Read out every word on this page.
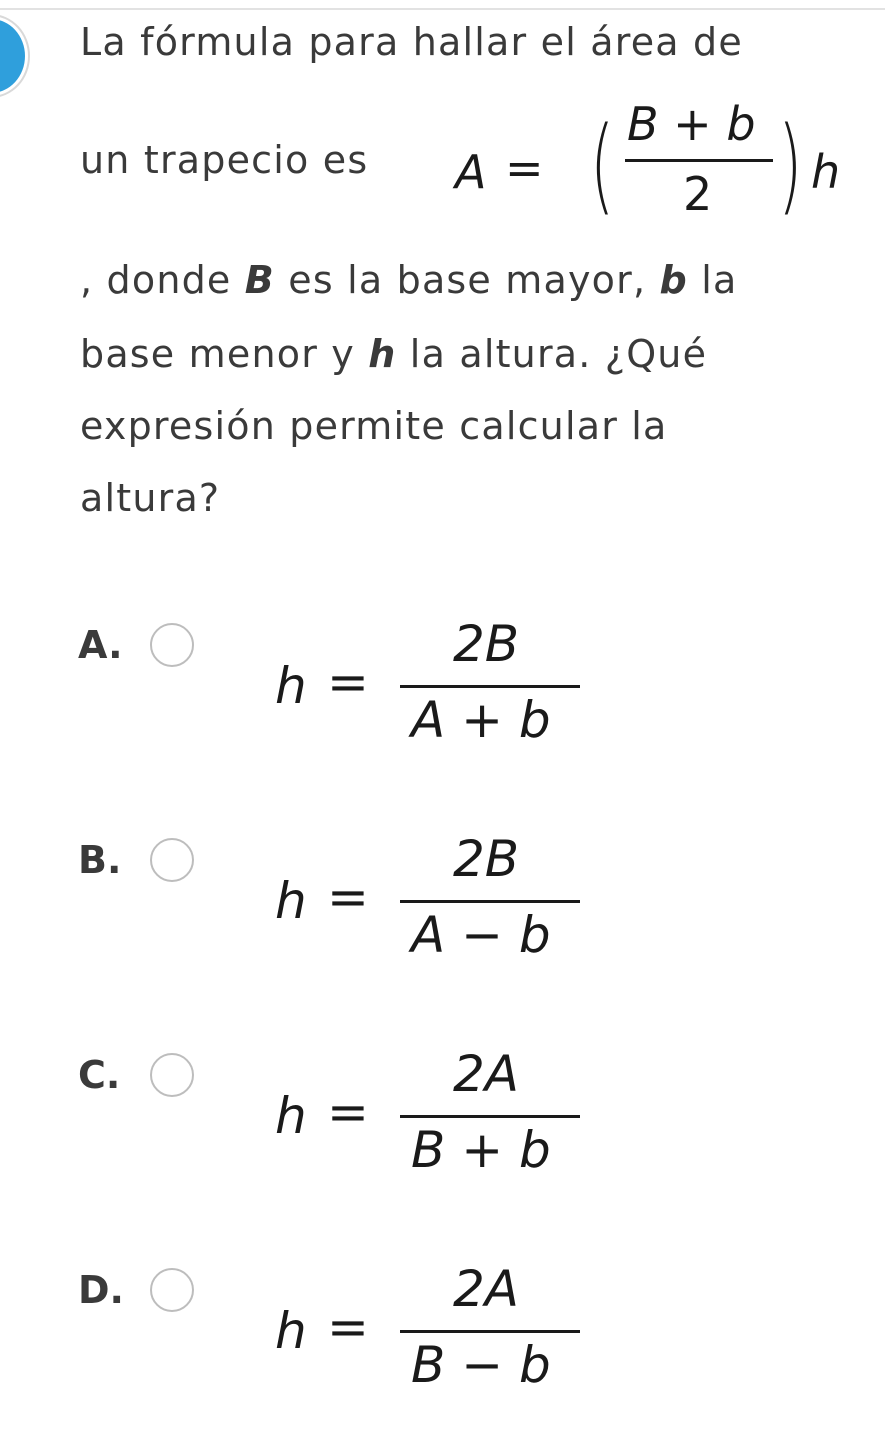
La fórmula para hallar el área de
un trapecio es A = ( B + b
2 ) h
, donde B es la base mayor, b la
base menor y h la altura. ¿Qué
expresión permite calcular la
altura?
A.
h =
2B
A + b
B.
h =
2B
A − b
C.
h =
2A
B + b
D.
h =
2A
B − b
